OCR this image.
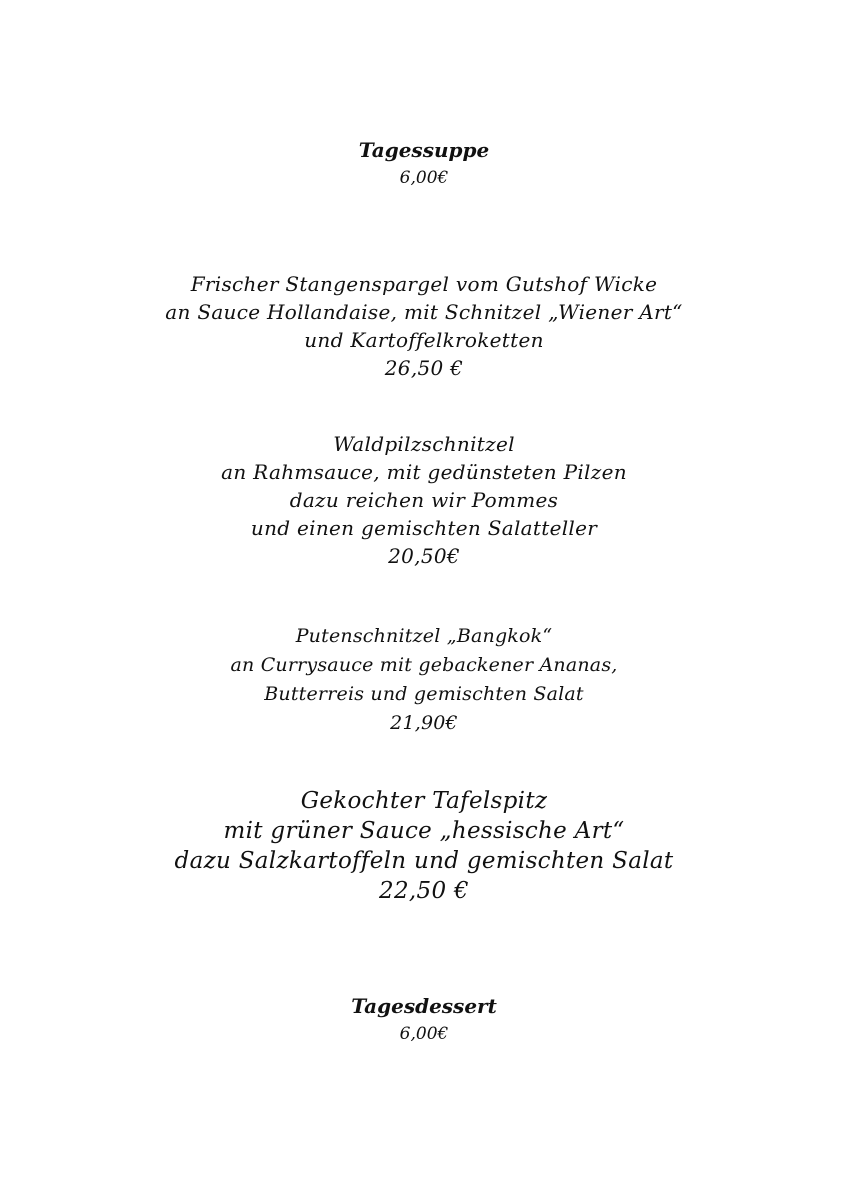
Tagessuppe
6,00€
Frischer Stangenspargel vom Gutshof Wicke
an Sauce Hollandaise, mit Schnitzel „Wiener Art“
und Kartoffelkroketten
26,50 €
Waldpilzschnitzel
an Rahmsauce, mit gedünsteten Pilzen
dazu reichen wir Pommes
und einen gemischten Salatteller
20,50€
Putenschnitzel „Bangkok“
an Currysauce mit gebackener Ananas,
Butterreis und gemischten Salat
21,90€
Gekochter Tafelspitz
mit grüner Sauce „hessische Art“
dazu Salzkartoffeln und gemischten Salat
22,50 €
Tagesdessert
6,00€
